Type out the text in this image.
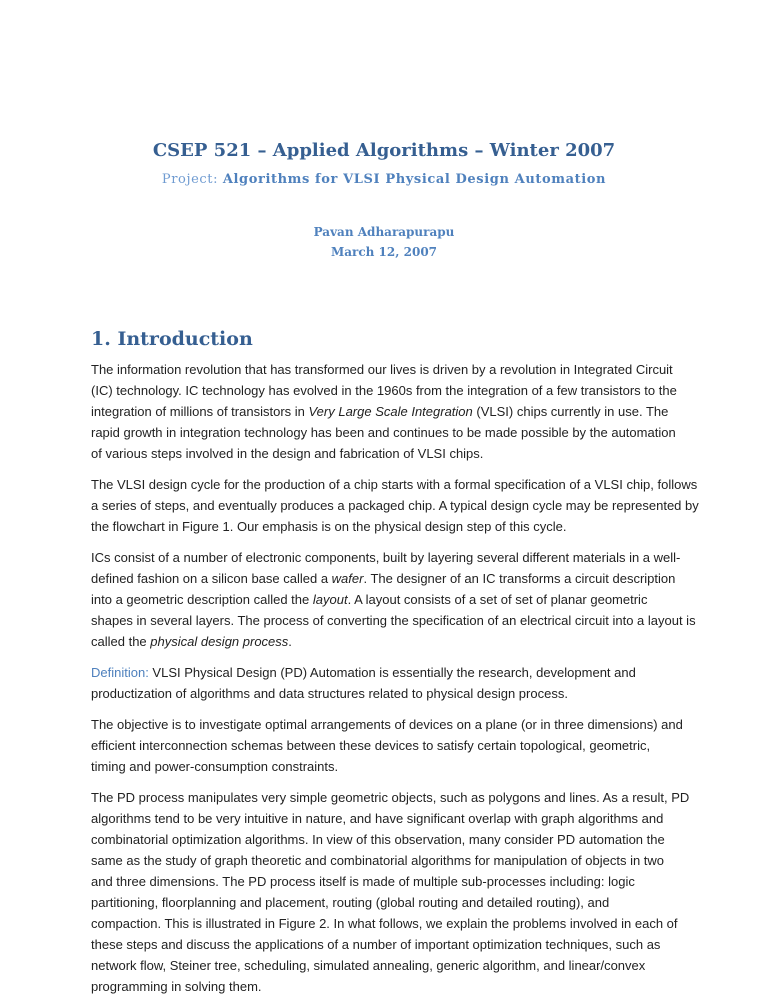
CSEP 521 – Applied Algorithms – Winter 2007
Project: Algorithms for VLSI Physical Design Automation
Pavan Adharapurapu
March 12, 2007
1. Introduction
The information revolution that has transformed our lives is driven by a revolution in Integrated Circuit
(IC) technology. IC technology has evolved in the 1960s from the integration of a few transistors to the
integration of millions of transistors in Very Large Scale Integration (VLSI) chips currently in use. The
rapid growth in integration technology has been and continues to be made possible by the automation
of various steps involved in the design and fabrication of VLSI chips.
The VLSI design cycle for the production of a chip starts with a formal specification of a VLSI chip, follows
a series of steps, and eventually produces a packaged chip. A typical design cycle may be represented by
the flowchart in Figure 1. Our emphasis is on the physical design step of this cycle.
ICs consist of a number of electronic components, built by layering several different materials in a well-
defined fashion on a silicon base called a wafer. The designer of an IC transforms a circuit description
into a geometric description called the layout. A layout consists of a set of set of planar geometric
shapes in several layers. The process of converting the specification of an electrical circuit into a layout is
called the physical design process.
Definition: VLSI Physical Design (PD) Automation is essentially the research, development and
productization of algorithms and data structures related to physical design process.
The objective is to investigate optimal arrangements of devices on a plane (or in three dimensions) and
efficient interconnection schemas between these devices to satisfy certain topological, geometric,
timing and power-consumption constraints.
The PD process manipulates very simple geometric objects, such as polygons and lines. As a result, PD
algorithms tend to be very intuitive in nature, and have significant overlap with graph algorithms and
combinatorial optimization algorithms. In view of this observation, many consider PD automation the
same as the study of graph theoretic and combinatorial algorithms for manipulation of objects in two
and three dimensions. The PD process itself is made of multiple sub-processes including: logic
partitioning, floorplanning and placement, routing (global routing and detailed routing), and
compaction. This is illustrated in Figure 2. In what follows, we explain the problems involved in each of
these steps and discuss the applications of a number of important optimization techniques, such as
network flow, Steiner tree, scheduling, simulated annealing, generic algorithm, and linear/convex
programming in solving them.
